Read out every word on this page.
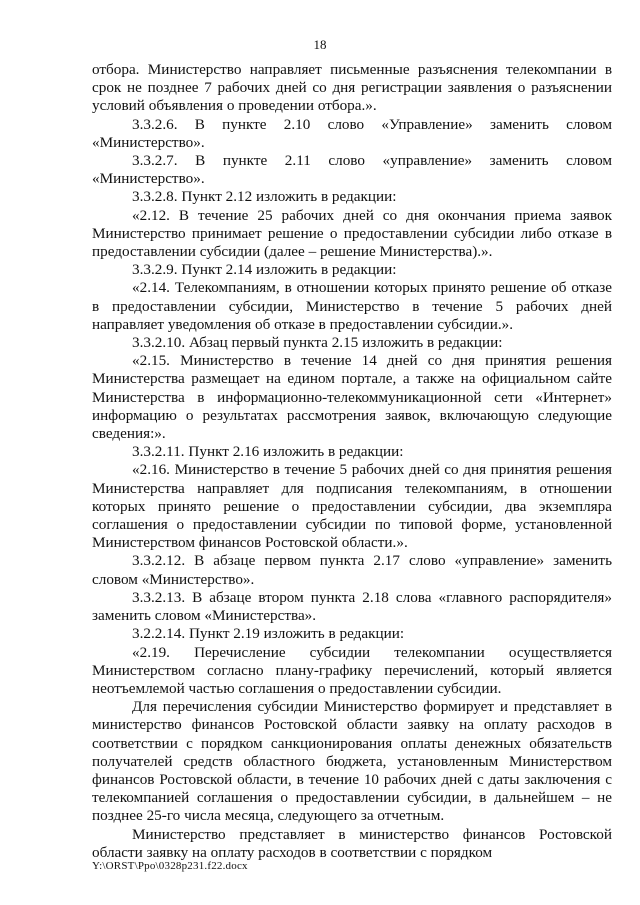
18

отбора. Министерство направляет письменные разъяснения телекомпании в срок не позднее 7 рабочих дней со дня регистрации заявления о разъяснении условий объявления о проведении отбора.».

3.3.2.6. В пункте 2.10 слово «Управление» заменить словом «Министерство».

3.3.2.7. В пункте 2.11 слово «управление» заменить словом «Министерство».

3.3.2.8. Пункт 2.12 изложить в редакции:

«2.12. В течение 25 рабочих дней со дня окончания приема заявок Министерство принимает решение о предоставлении субсидии либо отказе в предоставлении субсидии (далее – решение Министерства).».

3.3.2.9. Пункт 2.14 изложить в редакции:

«2.14. Телекомпаниям, в отношении которых принято решение об отказе в предоставлении субсидии, Министерство в течение 5 рабочих дней направляет уведомления об отказе в предоставлении субсидии.».

3.3.2.10. Абзац первый пункта 2.15 изложить в редакции:

«2.15. Министерство в течение 14 дней со дня принятия решения Министерства размещает на едином портале, а также на официальном сайте Министерства в информационно-телекоммуникационной сети «Интернет» информацию о результатах рассмотрения заявок, включающую следующие сведения:».

3.3.2.11. Пункт 2.16 изложить в редакции:

«2.16. Министерство в течение 5 рабочих дней со дня принятия решения Министерства направляет для подписания телекомпаниям, в отношении которых принято решение о предоставлении субсидии, два экземпляра соглашения о предоставлении субсидии по типовой форме, установленной Министерством финансов Ростовской области.».

3.3.2.12. В абзаце первом пункта 2.17 слово «управление» заменить словом «Министерство».

3.3.2.13. В абзаце втором пункта 2.18 слова «главного распорядителя» заменить словом «Министерства».

3.2.2.14. Пункт 2.19 изложить в редакции:

«2.19. Перечисление субсидии телекомпании осуществляется Министерством согласно плану-графику перечислений, который является неотъемлемой частью соглашения о предоставлении субсидии.

Для перечисления субсидии Министерство формирует и представляет в министерство финансов Ростовской области заявку на оплату расходов в соответствии с порядком санкционирования оплаты денежных обязательств получателей средств областного бюджета, установленным Министерством финансов Ростовской области, в течение 10 рабочих дней с даты заключения с телекомпанией соглашения о предоставлении субсидии, в дальнейшем – не позднее 25-го числа месяца, следующего за отчетным.

Министерство представляет в министерство финансов Ростовской области заявку на оплату расходов в соответствии с порядком

Y:\ORST\Ppo\0328p231.f22.docx
